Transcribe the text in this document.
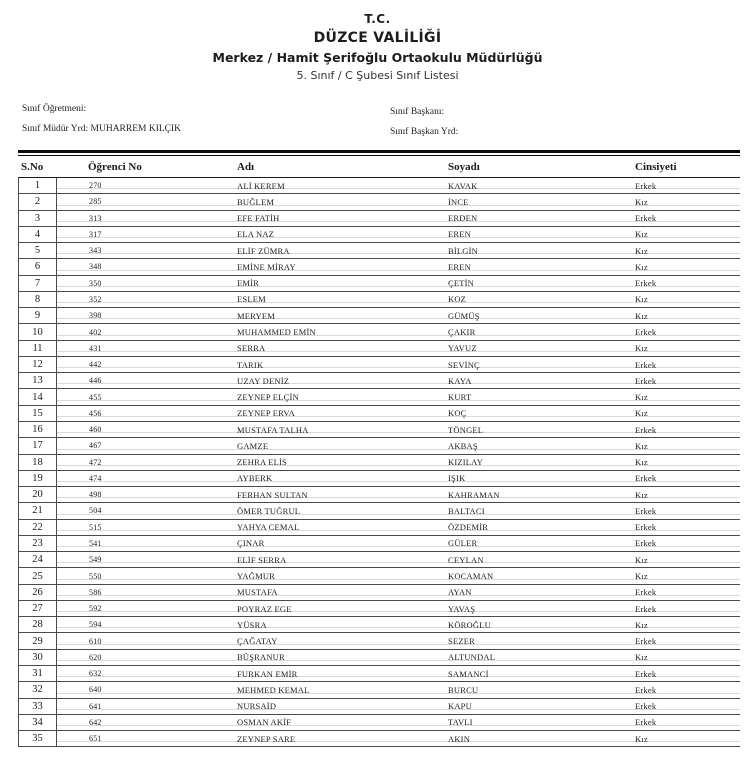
T.C.
DÜZCE VALİLİĞİ
Merkez / Hamit Şerifoğlu Ortaokulu Müdürlüğü
5. Sınıf / C Şubesi Sınıf Listesi
Sınıf Öğretmeni:
Sınıf Müdür Yrd: MUHARREM KILÇIK
Sınıf Başkanı:
Sınıf Başkan Yrd:
S.No	Öğrenci No	Adı	Soyadı	Cinsiyeti
1	270	ALİ KEREM	KAVAK	Erkek
2	285	BUĞLEM	İNCE	Kız
3	313	EFE FATİH	ERDEN	Erkek
4	317	ELA NAZ	EREN	Kız
5	343	ELİF ZÜMRA	BİLGİN	Kız
6	348	EMİNE MİRAY	EREN	Kız
7	350	EMİR	ÇETİN	Erkek
8	352	ESLEM	KOZ	Kız
9	398	MERYEM	GÜMÜŞ	Kız
10	402	MUHAMMED EMİN	ÇAKIR	Erkek
11	431	SERRA	YAVUZ	Kız
12	442	TARIK	SEVİNÇ	Erkek
13	446	UZAY DENİZ	KAYA	Erkek
14	455	ZEYNEP ELÇİN	KURT	Kız
15	456	ZEYNEP ERVA	KOÇ	Kız
16	460	MUSTAFA TALHA	TÖNGEL	Erkek
17	467	GAMZE	AKBAŞ	Kız
18	472	ZEHRA ELİS	KIZILAY	Kız
19	474	AYBERK	IŞIK	Erkek
20	498	FERHAN SULTAN	KAHRAMAN	Kız
21	504	ÖMER TUĞRUL	BALTACI	Erkek
22	515	YAHYA CEMAL	ÖZDEMİR	Erkek
23	541	ÇINAR	GÜLER	Erkek
24	549	ELİF SERRA	CEYLAN	Kız
25	550	YAĞMUR	KOCAMAN	Kız
26	586	MUSTAFA	AYAN	Erkek
27	592	POYRAZ EGE	YAVAŞ	Erkek
28	594	YÜSRA	KÖROĞLU	Kız
29	610	ÇAĞATAY	SEZER	Erkek
30	620	BÜŞRANUR	ALTUNDAL	Kız
31	632	FURKAN EMİR	SAMANCİ	Erkek
32	640	MEHMED KEMAL	BURCU	Erkek
33	641	NURSAİD	KAPU	Erkek
34	642	OSMAN AKİF	TAVLI	Erkek
35	651	ZEYNEP SARE	AKIN	Kız
